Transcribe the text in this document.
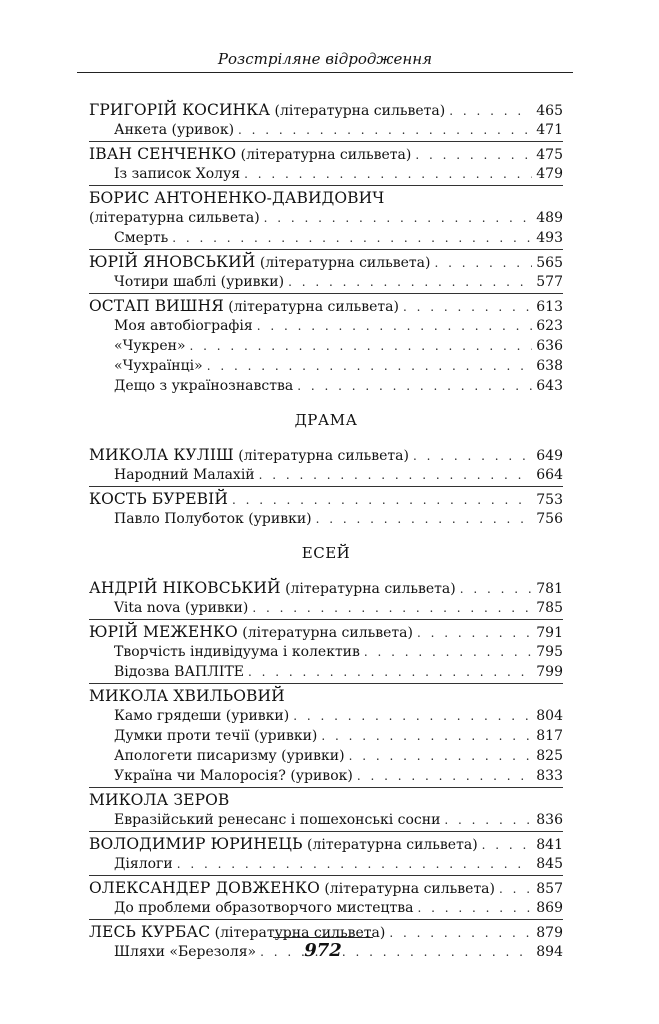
Розстріляне відродження
ГРИГОРІЙ КОСИНКА (літературна сильвета) . . .	465
Анкета (уривок) . . .	471
ІВАН СЕНЧЕНКО (літературна сильвета) . . .	475
Із записок Холуя . . .	479
БОРИС АНТОНЕНКО-ДАВИДОВИЧ
(літературна сильвета) . . .	489
Смерть . . .	493
ЮРІЙ ЯНОВСЬКИЙ (літературна сильвета) . . .	565
Чотири шаблі (уривки) . . .	577
ОСТАП ВИШНЯ (літературна сильвета) . . .	613
Моя автобіографія . . .	623
«Чукрен» . . .	636
«Чухраїнці» . . .	638
Дещо з українознавства . . .	643
ДРАМА
МИКОЛА КУЛІШ (літературна сильвета) . . .	649
Народний Малахій . . .	664
КОСТЬ БУРЕВІЙ . . .	753
Павло Полуботок (уривки) . . .	756
ЕСЕЙ
АНДРІЙ НІКОВСЬКИЙ (літературна сильвета) . . .	781
Vita nova (уривки) . . .	785
ЮРІЙ МЕЖЕНКО (літературна сильвета) . . .	791
Творчість індивідуума і колектив . . .	795
Відозва ВАПЛІТЕ . . .	799
МИКОЛА ХВИЛЬОВИЙ
Камо грядеши (уривки) . . .	804
Думки проти течії (уривки) . . .	817
Апологети писаризму (уривки) . . .	825
Україна чи Малоросія? (уривок) . . .	833
МИКОЛА ЗЕРОВ
Евразійський ренесанс і пошехонські сосни . . .	836
ВОЛОДИМИР ЮРИНЕЦЬ (літературна сильвета) . . .	841
Діялоги . . .	845
ОЛЕКСАНДЕР ДОВЖЕНКО (літературна сильвета) . . .	857
До проблеми образотворчого мистецтва . . .	869
ЛЕСЬ КУРБАС (літературна сильвета) . . .	879
Шляхи «Березоля» . . .	894
972
